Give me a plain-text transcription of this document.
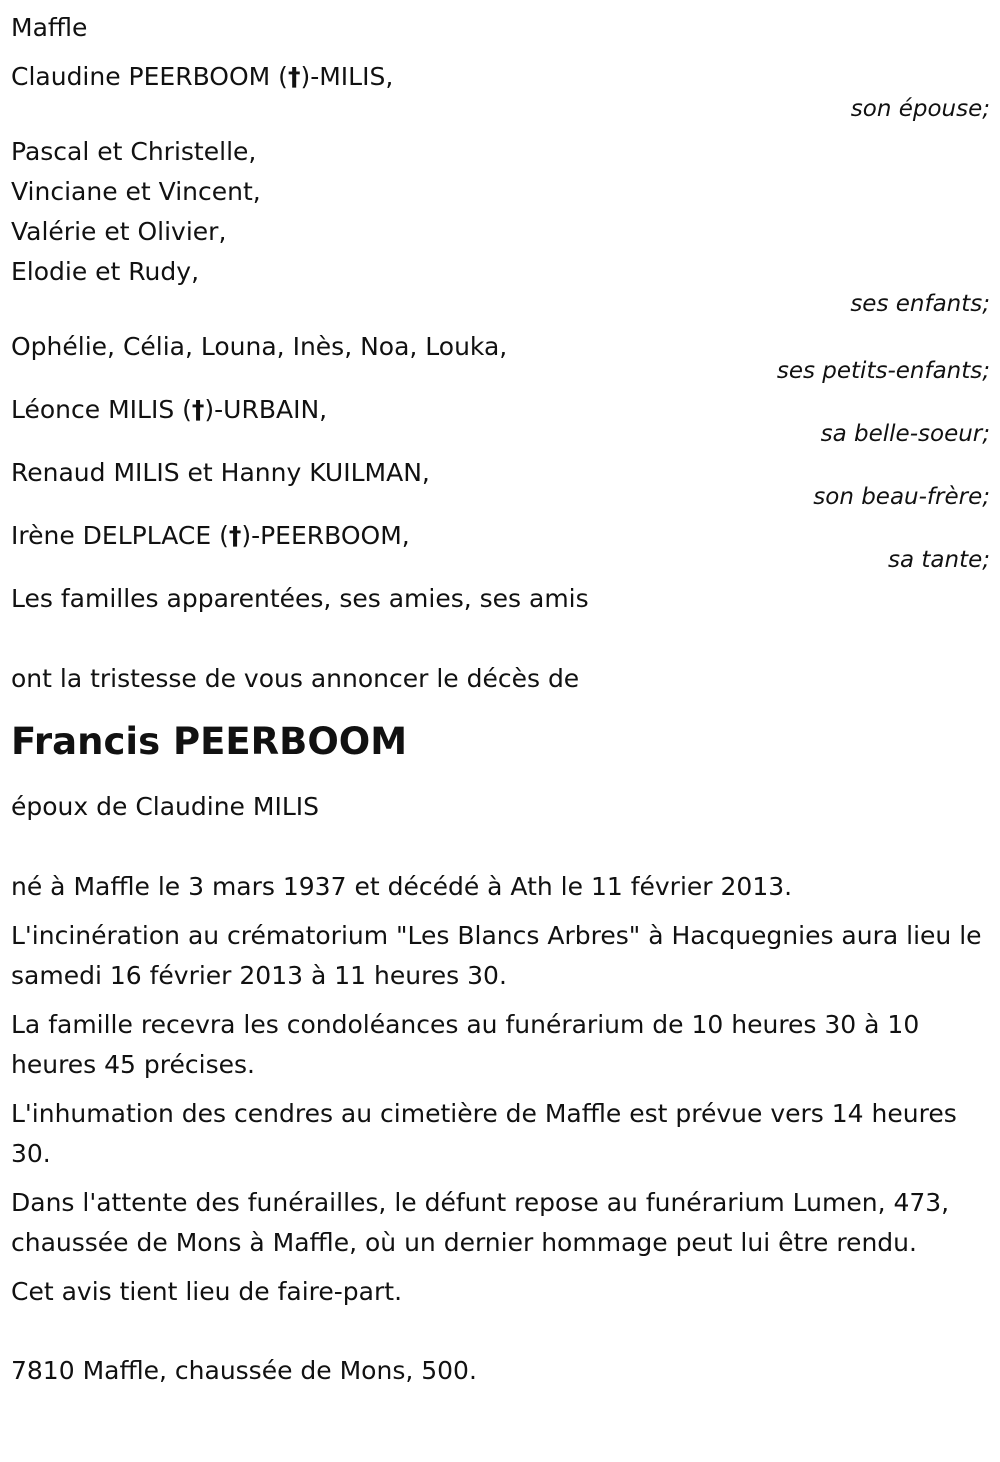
Maffle
Claudine PEERBOOM (†)-MILIS,
son épouse;
Pascal et Christelle,
Vinciane et Vincent,
Valérie et Olivier,
Elodie et Rudy,
ses enfants;
Ophélie, Célia, Louna, Inès, Noa, Louka,
ses petits-enfants;
Léonce MILIS (†)-URBAIN,
sa belle-soeur;
Renaud MILIS et Hanny KUILMAN,
son beau-frère;
Irène DELPLACE (†)-PEERBOOM,
sa tante;
Les familles apparentées, ses amies, ses amis
ont la tristesse de vous annoncer le décès de
Francis PEERBOOM
époux de Claudine MILIS
né à Maffle le 3 mars 1937 et décédé à Ath le 11 février 2013.
L'incinération au crématorium "Les Blancs Arbres" à Hacquegnies aura lieu le samedi 16 février 2013 à 11 heures 30.
La famille recevra les condoléances au funérarium de 10 heures 30 à 10 heures 45 précises.
L'inhumation des cendres au cimetière de Maffle est prévue vers 14 heures 30.
Dans l'attente des funérailles, le défunt repose au funérarium Lumen, 473, chaussée de Mons à Maffle, où un dernier hommage peut lui être rendu.
Cet avis tient lieu de faire-part.
7810 Maffle, chaussée de Mons, 500.
